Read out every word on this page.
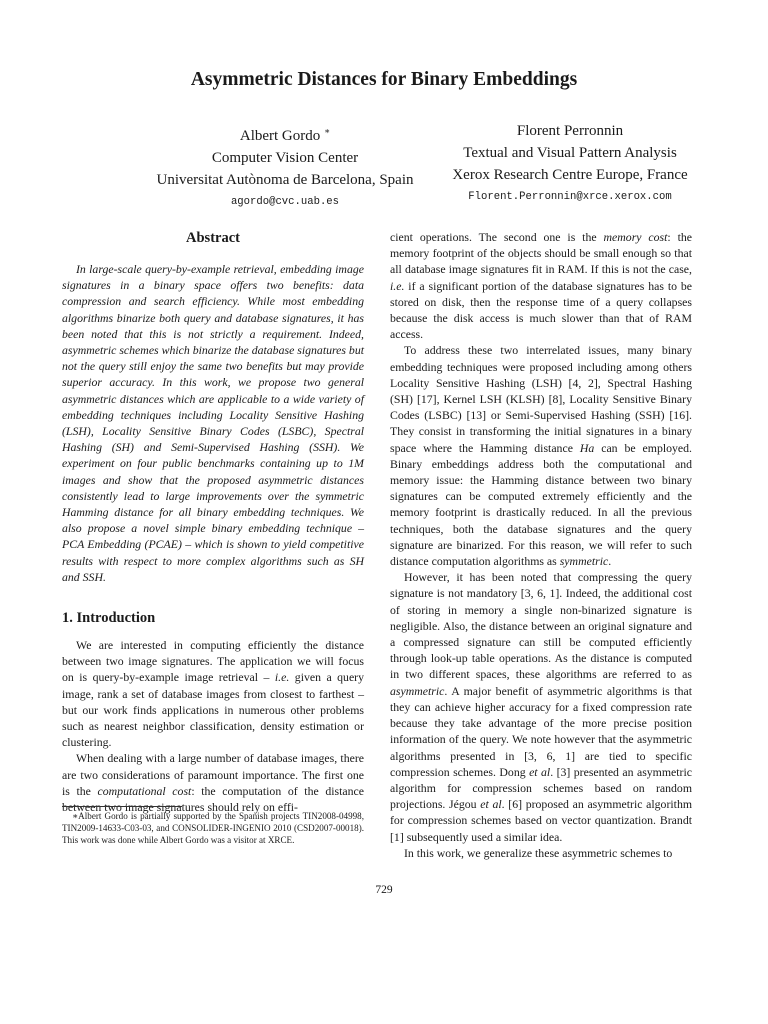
Asymmetric Distances for Binary Embeddings
Albert Gordo ∗
Computer Vision Center
Universitat Autònoma de Barcelona, Spain
agordo@cvc.uab.es
Florent Perronnin
Textual and Visual Pattern Analysis
Xerox Research Centre Europe, France
Florent.Perronnin@xrce.xerox.com
Abstract

In large-scale query-by-example retrieval, embedding image signatures in a binary space offers two benefits: data compression and search efficiency. While most embedding algorithms binarize both query and database signatures, it has been noted that this is not strictly a requirement. Indeed, asymmetric schemes which binarize the database signatures but not the query still enjoy the same two benefits but may provide superior accuracy. In this work, we propose two general asymmetric distances which are applicable to a wide variety of embedding techniques including Locality Sensitive Hashing (LSH), Locality Sensitive Binary Codes (LSBC), Spectral Hashing (SH) and Semi-Supervised Hashing (SSH). We experiment on four public benchmarks containing up to 1M images and show that the proposed asymmetric distances consistently lead to large improvements over the symmetric Hamming distance for all binary embedding techniques. We also propose a novel simple binary embedding technique – PCA Embedding (PCAE) – which is shown to yield competitive results with respect to more complex algorithms such as SH and SSH.

1. Introduction

We are interested in computing efficiently the distance between two image signatures. The application we will focus on is query-by-example image retrieval – i.e. given a query image, rank a set of database images from closest to farthest – but our work finds applications in numerous other problems such as nearest neighbor classification, density estimation or clustering.

When dealing with a large number of database images, there are two considerations of paramount importance. The first one is the computational cost: the computation of the distance between two image signatures should rely on effi-

∗Albert Gordo is partially supported by the Spanish projects TIN2008-04998, TIN2009-14633-C03-03, and CONSOLIDER-INGENIO 2010 (CSD2007-00018). This work was done while Albert Gordo was a visitor at XRCE.

cient operations. The second one is the memory cost: the memory footprint of the objects should be small enough so that all database image signatures fit in RAM. If this is not the case, i.e. if a significant portion of the database signatures has to be stored on disk, then the response time of a query collapses because the disk access is much slower than that of RAM access.

To address these two interrelated issues, many binary embedding techniques were proposed including among others Locality Sensitive Hashing (LSH) [4, 2], Spectral Hashing (SH) [17], Kernel LSH (KLSH) [8], Locality Sensitive Binary Codes (LSBC) [13] or Semi-Supervised Hashing (SSH) [16]. They consist in transforming the initial signatures in a binary space where the Hamming distance Ha can be employed. Binary embeddings address both the computational and memory issue: the Hamming distance between two binary signatures can be computed extremely efficiently and the memory footprint is drastically reduced. In all the previous techniques, both the database signatures and the query signature are binarized. For this reason, we will refer to such distance computation algorithms as symmetric.

However, it has been noted that compressing the query signature is not mandatory [3, 6, 1]. Indeed, the additional cost of storing in memory a single non-binarized signature is negligible. Also, the distance between an original signature and a compressed signature can still be computed efficiently through look-up table operations. As the distance is computed in two different spaces, these algorithms are referred to as asymmetric. A major benefit of asymmetric algorithms is that they can achieve higher accuracy for a fixed compression rate because they take advantage of the more precise position information of the query. We note however that the asymmetric algorithms presented in [3, 6, 1] are tied to specific compression schemes. Dong et al. [3] presented an asymmetric algorithm for compression schemes based on random projections. Jégou et al. [6] proposed an asymmetric algorithm for compression schemes based on vector quantization. Brandt [1] subsequently used a similar idea.

In this work, we generalize these asymmetric schemes to

729
